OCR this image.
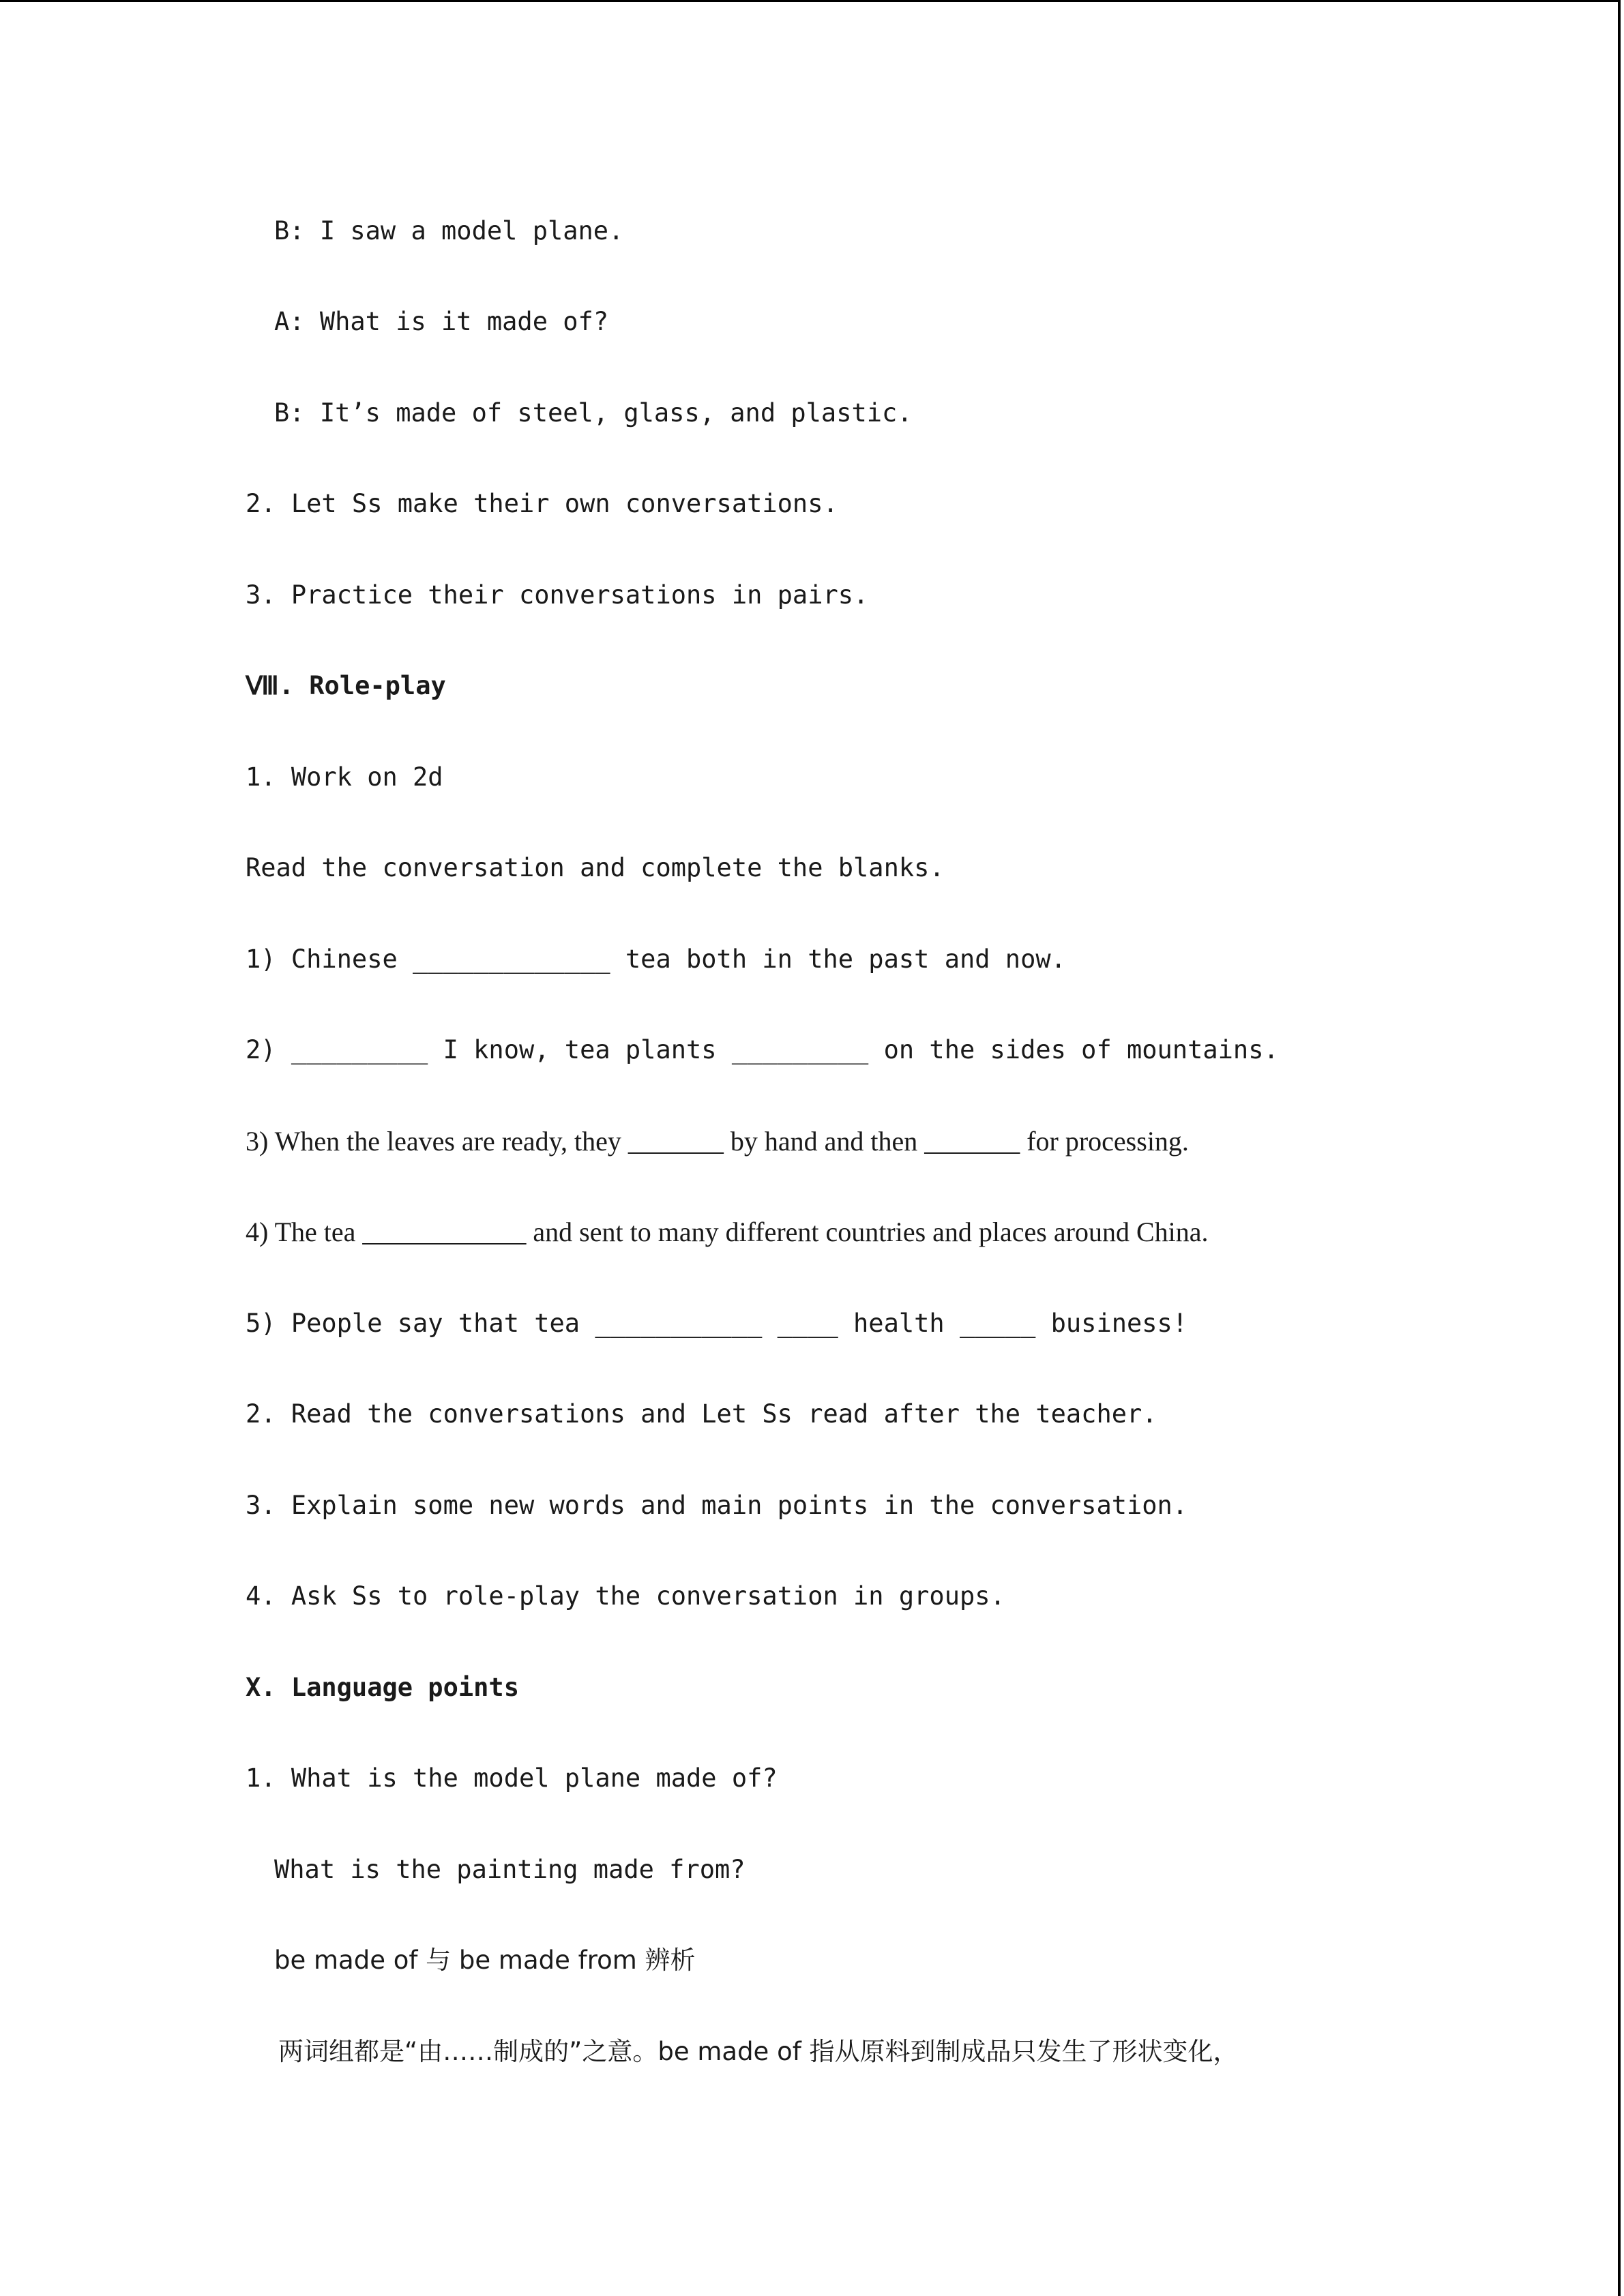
B: I saw a model plane.
A: What is it made of?
B: It’s made of steel, glass, and plastic.
2. Let Ss make their own conversations.
3. Practice their conversations in pairs.
Ⅷ. Role-play
1. Work on 2d
Read the conversation and complete the blanks.
1) Chinese _____________ tea both in the past and now.
2) _________ I know, tea plants _________ on the sides of mountains.
3) When the leaves are ready, they _______ by hand and then _______ for processing.
4) The tea ____________ and sent to many different countries and places around China.
5) People say that tea ___________ ____ health _____ business!
2. Read the conversations and Let Ss read after the teacher.
3. Explain some new words and main points in the conversation.
4. Ask Ss to role-play the conversation in groups.
X. Language points
1. What is the model plane made of?
What is the painting made from?
be made of 与 be made from 辨析
两词组都是“由……制成的”之意。be made of 指从原料到制成品只发生了形状变化，
